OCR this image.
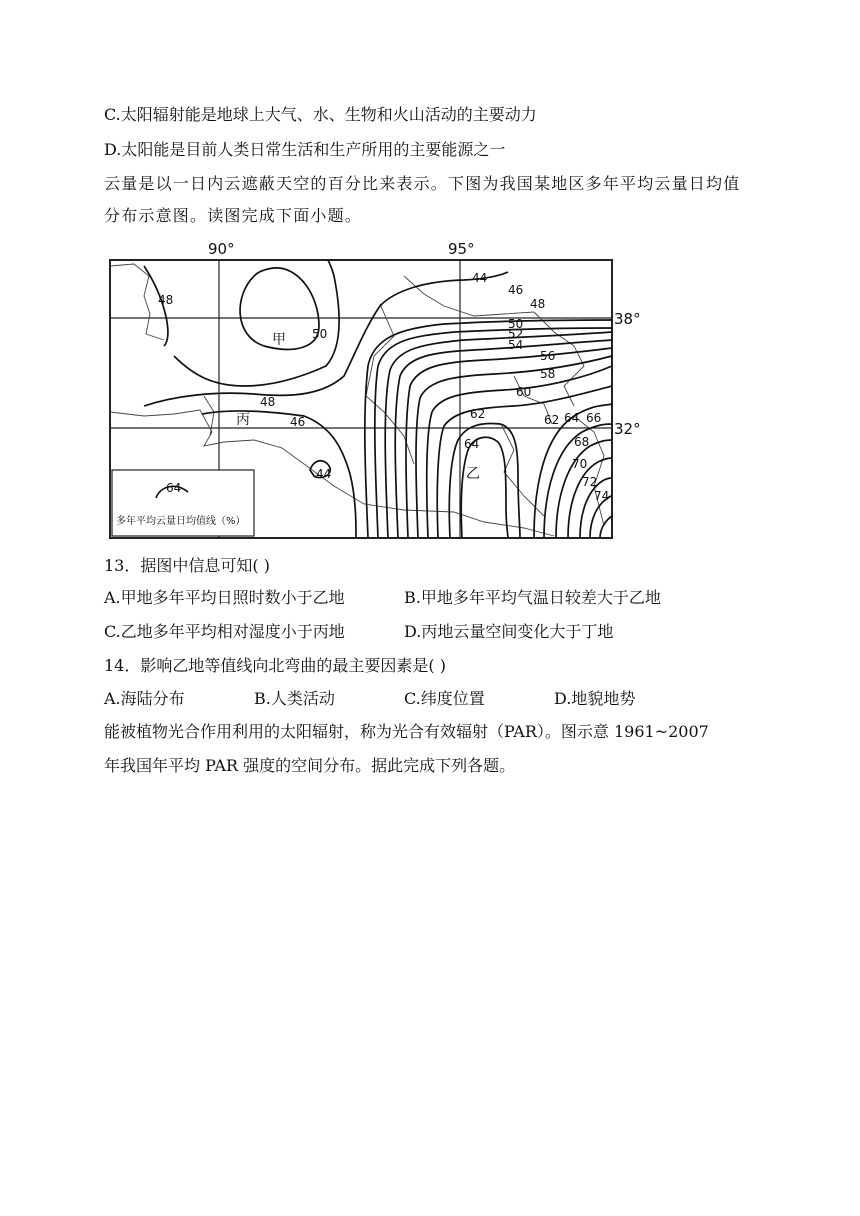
C.太阳辐射能是地球上大气、水、生物和火山活动的主要动力
D.太阳能是目前人类日常生活和生产所用的主要能源之一
云量是以一日内云遮蔽天空的百分比来表示。下图为我国某地区多年平均云量日均值
分布示意图。读图完成下面小题。
90°	95°
38°
32°
甲
乙
丙
48
50
44
46
48
50
52
54
56
58
60
62	62
64
64 66
68
70
72
74
48
46
44
64
多年平均云量日均值线（%）
13．据图中信息可知( )
A.甲地多年平均日照时数小于乙地	B.甲地多年平均气温日较差大于乙地
C.乙地多年平均相对湿度小于丙地	D.丙地云量空间变化大于丁地
14．影响乙地等值线向北弯曲的最主要因素是( )
A.海陆分布	B.人类活动	C.纬度位置	D.地貌地势
能被植物光合作用利用的太阳辐射，称为光合有效辐射（PAR）。图示意 1961~2007
年我国年平均 PAR 强度的空间分布。据此完成下列各题。
